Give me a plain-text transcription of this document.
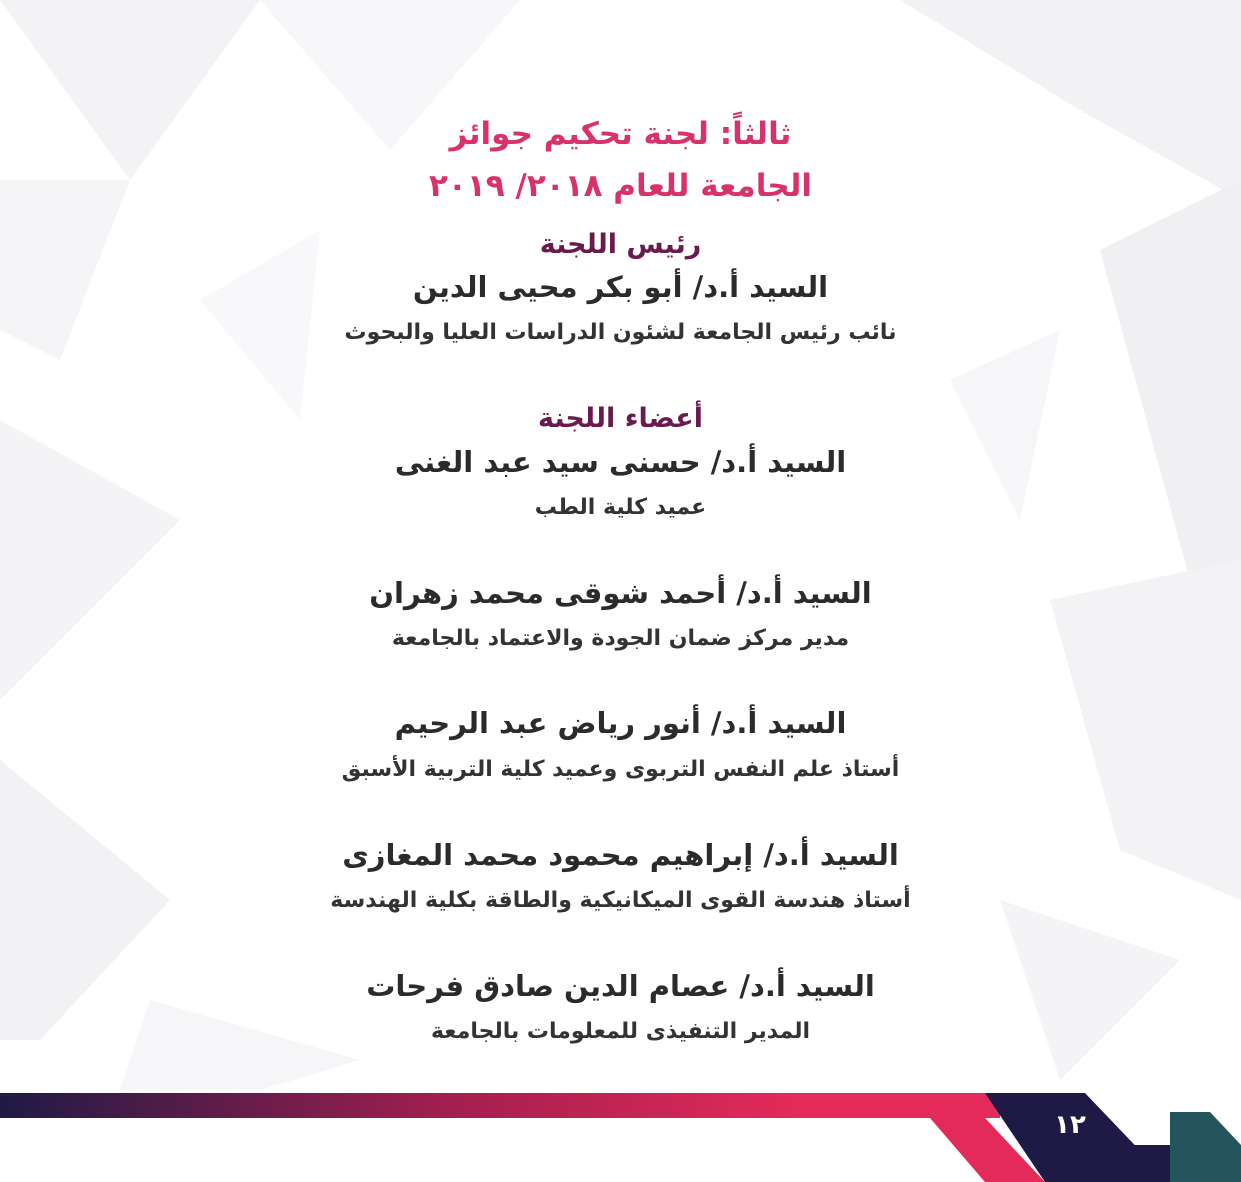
ثالثاً: لجنة تحكيم جوائز
الجامعة للعام ٢٠١٨/ ٢٠١٩
رئيس اللجنة
السيد أ.د/ أبو بكر محيى الدين
نائب رئيس الجامعة لشئون الدراسات العليا والبحوث
أعضاء اللجنة
السيد أ.د/ حسنى سيد عبد الغنى
عميد كلية الطب
السيد أ.د/ أحمد شوقى محمد زهران
مدير مركز ضمان الجودة والاعتماد بالجامعة
السيد أ.د/ أنور رياض عبد الرحيم
أستاذ علم النفس التربوى وعميد كلية التربية الأسبق
السيد أ.د/ إبراهيم محمود محمد المغازى
أستاذ هندسة القوى الميكانيكية والطاقة بكلية الهندسة
السيد أ.د/ عصام الدين صادق فرحات
المدير التنفيذى للمعلومات بالجامعة
١٢
